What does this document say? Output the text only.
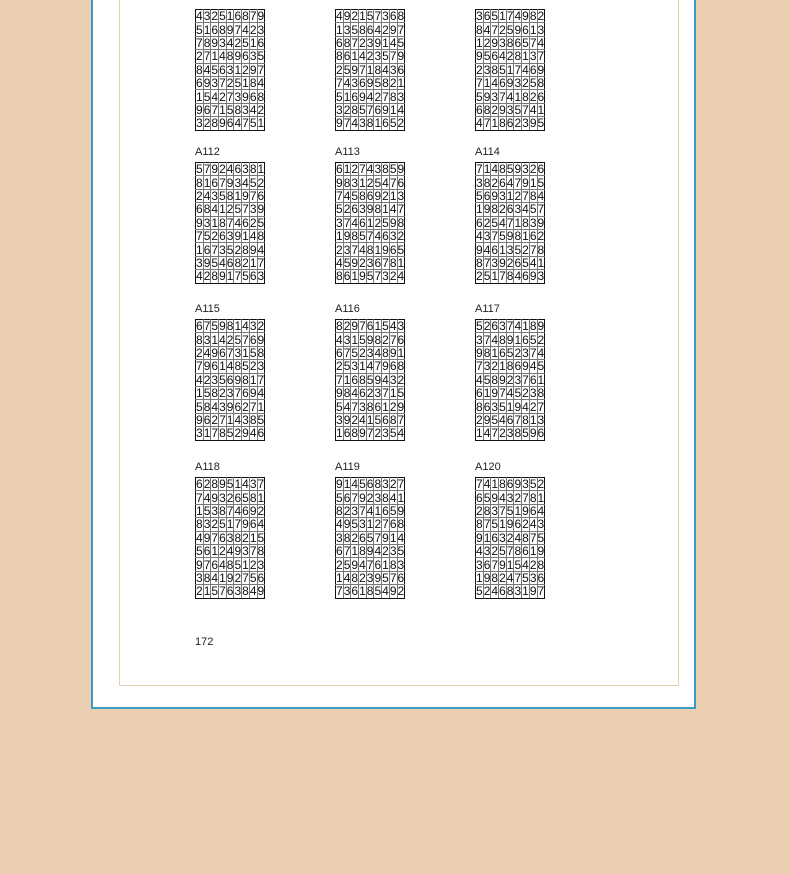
4	3	2	5	1	6	8	7	9
5	1	6	8	9	7	4	2	3
7	8	9	3	4	2	5	1	6
2	7	1	4	8	9	6	3	5
8	4	5	6	3	1	2	9	7
6	9	3	7	2	5	1	8	4
1	5	4	2	7	3	9	6	8
9	6	7	1	5	8	3	4	2
3	2	8	9	6	4	7	5	1
4	9	2	1	5	7	3	6	8
1	3	5	8	6	4	2	9	7
6	8	7	2	3	9	1	4	5
8	6	1	4	2	3	5	7	9
2	5	9	7	1	8	4	3	6
7	4	3	6	9	5	8	2	1
5	1	6	9	4	2	7	8	3
3	2	8	5	7	6	9	1	4
9	7	4	3	8	1	6	5	2
3	6	5	1	7	4	9	8	2
8	4	7	2	5	9	6	1	3
1	2	9	3	8	6	5	7	4
9	5	6	4	2	8	1	3	7
2	3	8	5	1	7	4	6	9
7	1	4	6	9	3	2	5	8
5	9	3	7	4	1	8	2	6
6	8	2	9	3	5	7	4	1
4	7	1	8	6	2	3	9	5
A112
5	7	9	2	4	6	3	8	1
8	1	6	7	9	3	4	5	2
2	4	3	5	8	1	9	7	6
6	8	4	1	2	5	7	3	9
9	3	1	8	7	4	6	2	5
7	5	2	6	3	9	1	4	8
1	6	7	3	5	2	8	9	4
3	9	5	4	6	8	2	1	7
4	2	8	9	1	7	5	6	3
A113
6	1	2	7	4	3	8	5	9
9	8	3	1	2	5	4	7	6
7	4	5	8	6	9	2	1	3
5	2	6	3	9	8	1	4	7
3	7	4	6	1	2	5	9	8
1	9	8	5	7	4	6	3	2
2	3	7	4	8	1	9	6	5
4	5	9	2	3	6	7	8	1
8	6	1	9	5	7	3	2	4
A114
7	1	4	8	5	9	3	2	6
3	8	2	6	4	7	9	1	5
5	6	9	3	1	2	7	8	4
1	9	8	2	6	3	4	5	7
6	2	5	4	7	1	8	3	9
4	3	7	5	9	8	1	6	2
9	4	6	1	3	5	2	7	8
8	7	3	9	2	6	5	4	1
2	5	1	7	8	4	6	9	3
A115
6	7	5	9	8	1	4	3	2
8	3	1	4	2	5	7	6	9
2	4	9	6	7	3	1	5	8
7	9	6	1	4	8	5	2	3
4	2	3	5	6	9	8	1	7
1	5	8	2	3	7	6	9	4
5	8	4	3	9	6	2	7	1
9	6	2	7	1	4	3	8	5
3	1	7	8	5	2	9	4	6
A116
8	2	9	7	6	1	5	4	3
4	3	1	5	9	8	2	7	6
6	7	5	2	3	4	8	9	1
2	5	3	1	4	7	9	6	8
7	1	6	8	5	9	4	3	2
9	8	4	6	2	3	7	1	5
5	4	7	3	8	6	1	2	9
3	9	2	4	1	5	6	8	7
1	6	8	9	7	2	3	5	4
A117
5	2	6	3	7	4	1	8	9
3	7	4	8	9	1	6	5	2
9	8	1	6	5	2	3	7	4
7	3	2	1	8	6	9	4	5
4	5	8	9	2	3	7	6	1
6	1	9	7	4	5	2	3	8
8	6	3	5	1	9	4	2	7
2	9	5	4	6	7	8	1	3
1	4	7	2	3	8	5	9	6
A118
6	2	8	9	5	1	4	3	7
7	4	9	3	2	6	5	8	1
1	5	3	8	7	4	6	9	2
8	3	2	5	1	7	9	6	4
4	9	7	6	3	8	2	1	5
5	6	1	2	4	9	3	7	8
9	7	6	4	8	5	1	2	3
3	8	4	1	9	2	7	5	6
2	1	5	7	6	3	8	4	9
A119
9	1	4	5	6	8	3	2	7
5	6	7	9	2	3	8	4	1
8	2	3	7	4	1	6	5	9
4	9	5	3	1	2	7	6	8
3	8	2	6	5	7	9	1	4
6	7	1	8	9	4	2	3	5
2	5	9	4	7	6	1	8	3
1	4	8	2	3	9	5	7	6
7	3	6	1	8	5	4	9	2
A120
7	4	1	8	6	9	3	5	2
6	5	9	4	3	2	7	8	1
2	8	3	7	5	1	9	6	4
8	7	5	1	9	6	2	4	3
9	1	6	3	2	4	8	7	5
4	3	2	5	7	8	6	1	9
3	6	7	9	1	5	4	2	8
1	9	8	2	4	7	5	3	6
5	2	4	6	8	3	1	9	7
172
